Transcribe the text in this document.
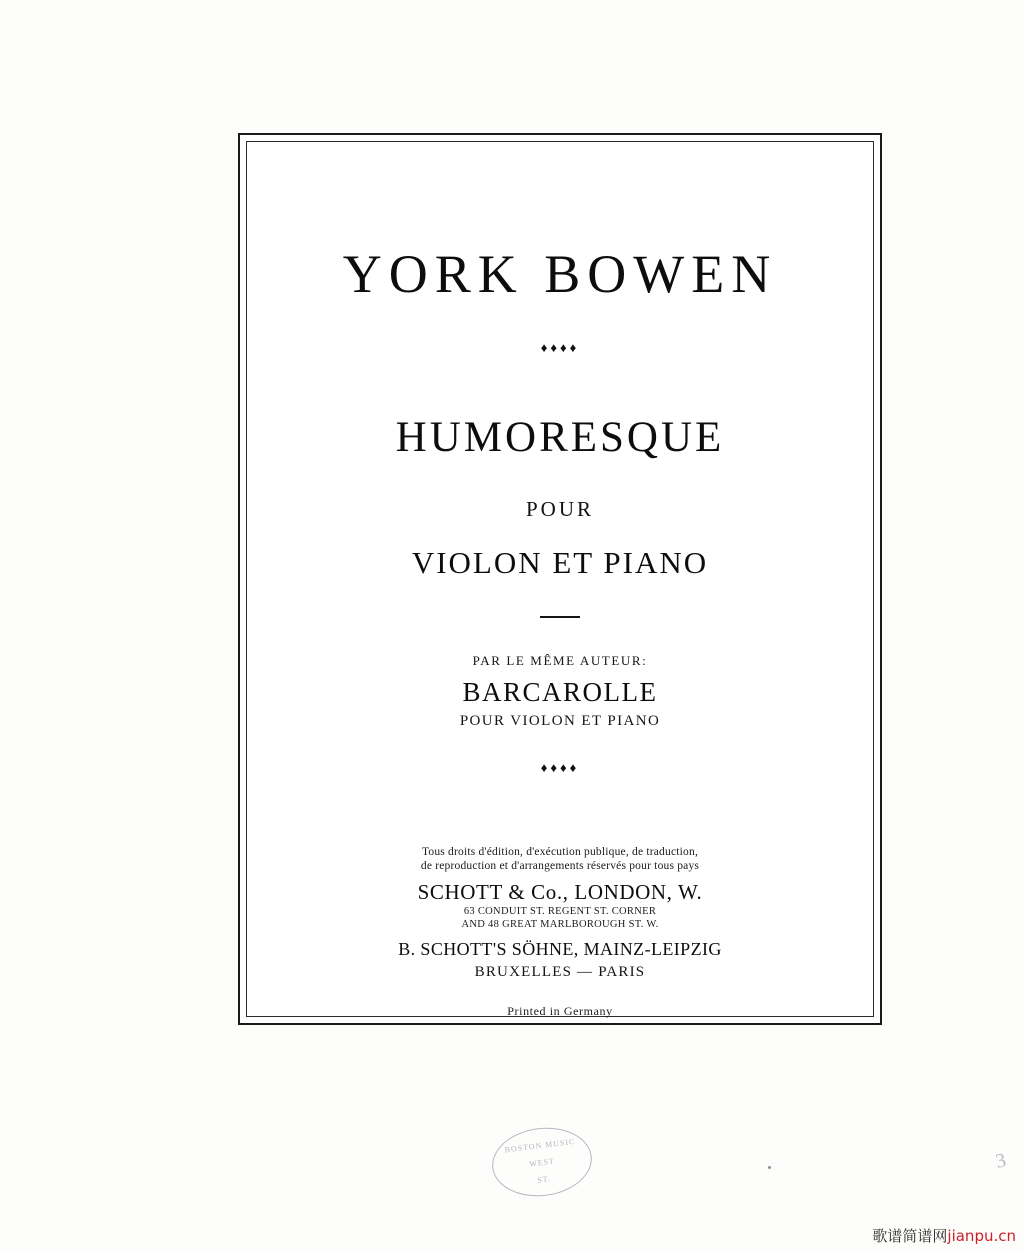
YORK BOWEN
♦♦♦♦
HUMORESQUE
POUR
VIOLON ET PIANO
PAR LE MÊME AUTEUR:
BARCAROLLE
POUR VIOLON ET PIANO
♦♦♦♦
Tous droits d'édition, d'exécution publique, de traduction,
de reproduction et d'arrangements réservés pour tous pays
SCHOTT & Co., LONDON, W.
63 CONDUIT ST. REGENT ST. CORNER
AND 48 GREAT MARLBOROUGH ST. W.
B. SCHOTT'S SÖHNE, MAINZ-LEIPZIG
BRUXELLES — PARIS
Printed in Germany
BOSTON MUSIC
WEST
ST.
3
歌谱简谱网jianpu.cn
